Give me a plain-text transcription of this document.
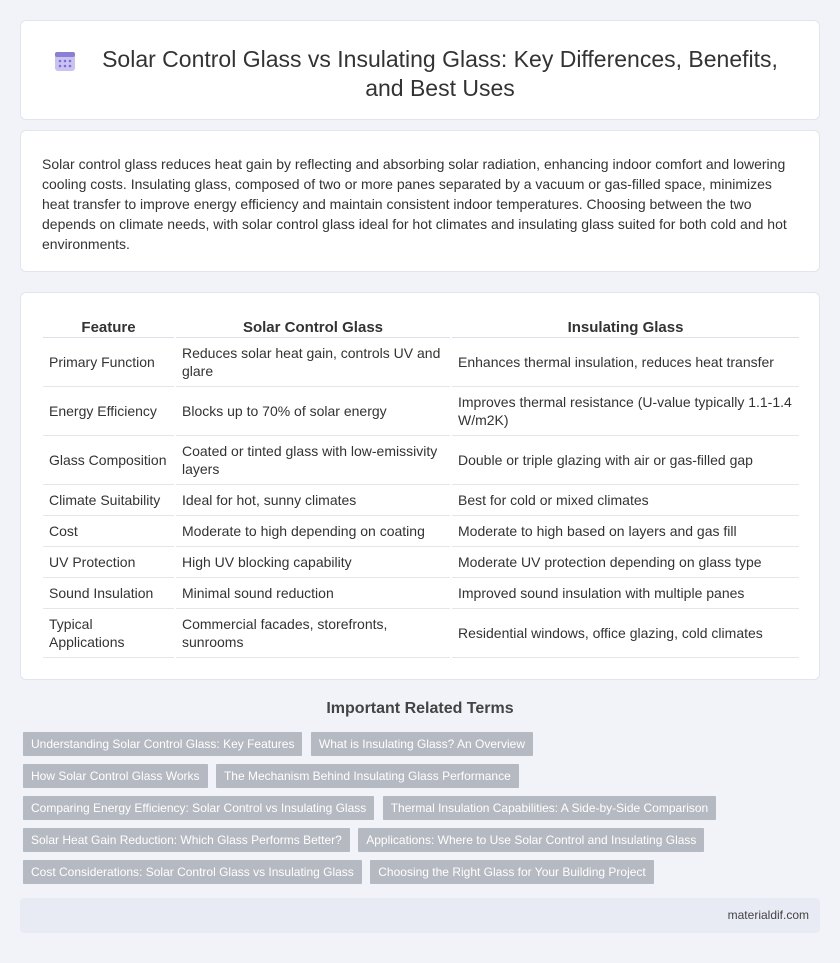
Solar Control Glass vs Insulating Glass: Key Differences, Benefits, and Best Uses

Solar control glass reduces heat gain by reflecting and absorbing solar radiation, enhancing indoor comfort and lowering cooling costs. Insulating glass, composed of two or more panes separated by a vacuum or gas-filled space, minimizes heat transfer to improve energy efficiency and maintain consistent indoor temperatures. Choosing between the two depends on climate needs, with solar control glass ideal for hot climates and insulating glass suited for both cold and hot environments.

Feature	Solar Control Glass	Insulating Glass
Primary Function	Reduces solar heat gain, controls UV and glare	Enhances thermal insulation, reduces heat transfer
Energy Efficiency	Blocks up to 70% of solar energy	Improves thermal resistance (U-value typically 1.1-1.4 W/m2K)
Glass Composition	Coated or tinted glass with low-emissivity layers	Double or triple glazing with air or gas-filled gap
Climate Suitability	Ideal for hot, sunny climates	Best for cold or mixed climates
Cost	Moderate to high depending on coating	Moderate to high based on layers and gas fill
UV Protection	High UV blocking capability	Moderate UV protection depending on glass type
Sound Insulation	Minimal sound reduction	Improved sound insulation with multiple panes
Typical Applications	Commercial facades, storefronts, sunrooms	Residential windows, office glazing, cold climates
Important Related Terms
Understanding Solar Control Glass: Key Features What is Insulating Glass? An Overview How Solar Control Glass Works The Mechanism Behind Insulating Glass Performance Comparing Energy Efficiency: Solar Control vs Insulating Glass Thermal Insulation Capabilities: A Side-by-Side Comparison Solar Heat Gain Reduction: Which Glass Performs Better? Applications: Where to Use Solar Control and Insulating Glass Cost Considerations: Solar Control Glass vs Insulating Glass Choosing the Right Glass for Your Building Project
materialdif.com
